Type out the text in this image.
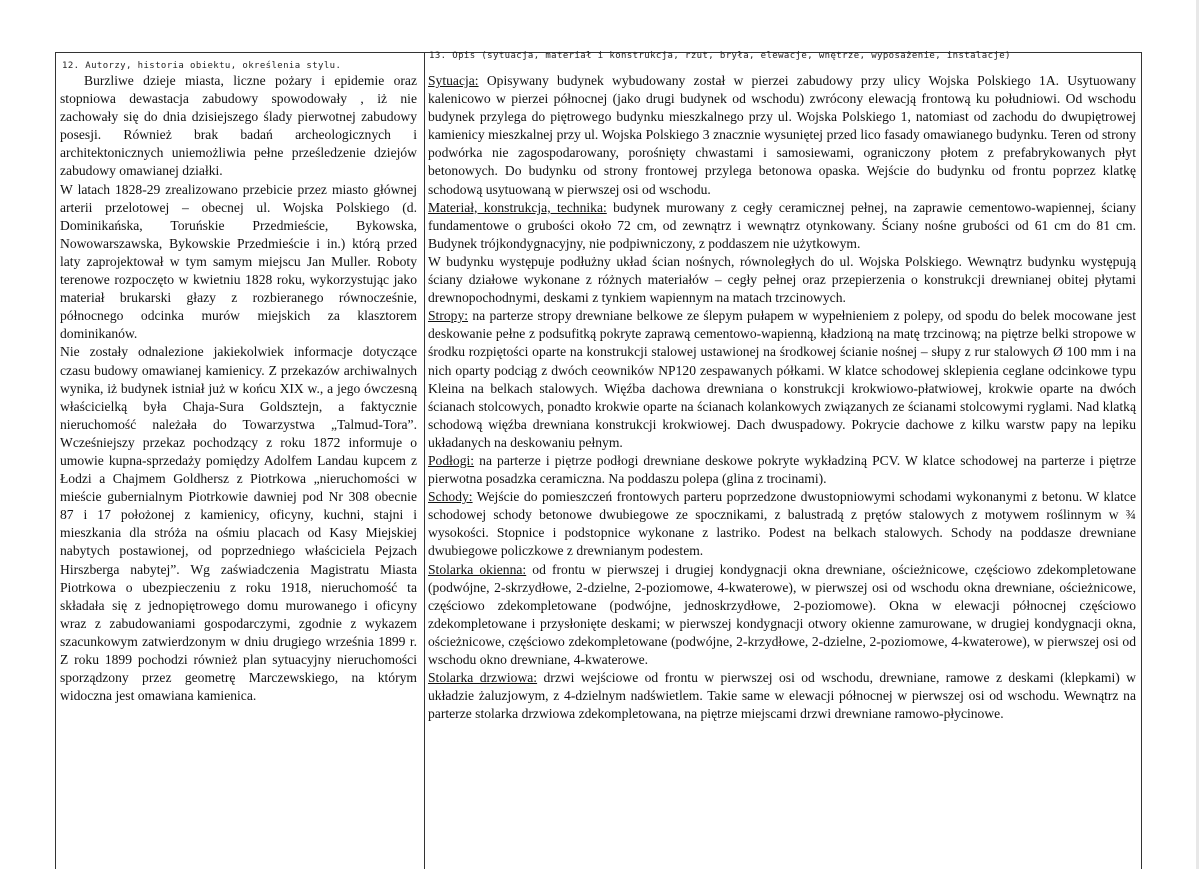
12. Autorzy, historia obiektu, określenia stylu.
13. Opis (sytuacja, materiał i konstrukcja, rzut, bryła, elewacje, wnętrze, wyposażenie, instalacje)

Burzliwe dzieje miasta, liczne pożary i epidemie oraz stopniowa dewastacja zabudowy spowodowały , iż nie zachowały się do dnia dzisiejszego ślady pierwotnej zabudowy posesji. Również brak badań archeologicznych i architektonicznych uniemożliwia pełne prześledzenie dziejów zabudowy omawianej działki.

W latach 1828-29 zrealizowano przebicie przez miasto głównej arterii przelotowej – obecnej ul. Wojska Polskiego (d. Dominikańska, Toruńskie Przedmieście, Bykowska, Nowowarszawska, Bykowskie Przedmieście i in.) którą przed laty zaprojektował w tym samym miejscu Jan Muller. Roboty terenowe rozpoczęto w kwietniu 1828 roku, wykorzystując jako materiał brukarski głazy z rozbieranego równocześnie, północnego odcinka murów miejskich za klasztorem dominikanów.

Nie zostały odnalezione jakiekolwiek informacje dotyczące czasu budowy omawianej kamienicy. Z przekazów archiwalnych wynika, iż budynek istniał już w końcu XIX w., a jego ówczesną właścicielką była Chaja-Sura Goldsztejn, a faktycznie nieruchomość należała do Towarzystwa „Talmud-Tora”. Wcześniejszy przekaz pochodzący z roku 1872 informuje o umowie kupna-sprzedaży pomiędzy Adolfem Landau kupcem z Łodzi a Chajmem Goldhersz z Piotrkowa „nieruchomości w mieście gubernialnym Piotrkowie dawniej pod Nr 308 obecnie 87 i 17 położonej z kamienicy, oficyny, kuchni, stajni i mieszkania dla stróża na ośmiu placach od Kasy Miejskiej nabytych postawionej, od poprzedniego właściciela Pejzach Hirszberga nabytej”. Wg zaświadczenia Magistratu Miasta Piotrkowa o ubezpieczeniu z roku 1918, nieruchomość ta składała się z jednopiętrowego domu murowanego i oficyny wraz z zabudowaniami gospodarczymi, zgodnie z wykazem szacunkowym zatwierdzonym w dniu drugiego września 1899 r. Z roku 1899 pochodzi również plan sytuacyjny nieruchomości sporządzony przez geometrę Marczewskiego, na którym widoczna jest omawiana kamienica.

Sytuacja: Opisywany budynek wybudowany został w pierzei zabudowy przy ulicy Wojska Polskiego 1A. Usytuowany kalenicowo w pierzei północnej (jako drugi budynek od wschodu) zwrócony elewacją frontową ku południowi. Od wschodu budynek przylega do piętrowego budynku mieszkalnego przy ul. Wojska Polskiego 1, natomiast od zachodu do dwupiętrowej kamienicy mieszkalnej przy ul. Wojska Polskiego 3 znacznie wysuniętej przed lico fasady omawianego budynku. Teren od strony podwórka nie zagospodarowany, porośnięty chwastami i samosiewami, ograniczony płotem z prefabrykowanych płyt betonowych. Do budynku od strony frontowej przylega betonowa opaska. Wejście do budynku od frontu poprzez klatkę schodową usytuowaną w pierwszej osi od wschodu.

Materiał, konstrukcja, technika: budynek murowany z cegły ceramicznej pełnej, na zaprawie cementowo-wapiennej, ściany fundamentowe o grubości około 72 cm, od zewnątrz i wewnątrz otynkowany. Ściany nośne grubości od 61 cm do 81 cm. Budynek trójkondygnacyjny, nie podpiwniczony, z poddaszem nie użytkowym.

W budynku występuje podłużny układ ścian nośnych, równoległych do ul. Wojska Polskiego. Wewnątrz budynku występują ściany działowe wykonane z różnych materiałów – cegły pełnej oraz przepierzenia o konstrukcji drewnianej obitej płytami drewnopochodnymi, deskami z tynkiem wapiennym na matach trzcinowych.

Stropy: na parterze stropy drewniane belkowe ze ślepym pułapem w wypełnieniem z polepy, od spodu do belek mocowane jest deskowanie pełne z podsufitką pokryte zaprawą cementowo-wapienną, kładzioną na matę trzcinową; na piętrze belki stropowe w środku rozpiętości oparte na konstrukcji stalowej ustawionej na środkowej ścianie nośnej – słupy z rur stalowych Ø 100 mm i na nich oparty podciąg z dwóch ceowników NP120 zespawanych półkami. W klatce schodowej sklepienia ceglane odcinkowe typu Kleina na belkach stalowych. Więźba dachowa drewniana o konstrukcji krokwiowo-płatwiowej, krokwie oparte na dwóch ścianach stolcowych, ponadto krokwie oparte na ścianach kolankowych związanych ze ścianami stolcowymi ryglami. Nad klatką schodową więźba drewniana konstrukcji krokwiowej. Dach dwuspadowy. Pokrycie dachowe z kilku warstw papy na lepiku układanych na deskowaniu pełnym.

Podłogi: na parterze i piętrze podłogi drewniane deskowe pokryte wykładziną PCV. W klatce schodowej na parterze i piętrze pierwotna posadzka ceramiczna. Na poddaszu polepa (glina z trocinami).

Schody: Wejście do pomieszczeń frontowych parteru poprzedzone dwustopniowymi schodami wykonanymi z betonu. W klatce schodowej schody betonowe dwubiegowe ze spocznikami, z balustradą z prętów stalowych z motywem roślinnym w ¾ wysokości. Stopnice i podstopnice wykonane z lastriko. Podest na belkach stalowych. Schody na poddasze drewniane dwubiegowe policzkowe z drewnianym podestem.

Stolarka okienna: od frontu w pierwszej i drugiej kondygnacji okna drewniane, ościeżnicowe, częściowo zdekompletowane (podwójne, 2-skrzydłowe, 2-dzielne, 2-poziomowe, 4-kwaterowe), w pierwszej osi od wschodu okna drewniane, ościeżnicowe, częściowo zdekompletowane (podwójne, jednoskrzydłowe, 2-poziomowe). Okna w elewacji północnej częściowo zdekompletowane i przysłonięte deskami; w pierwszej kondygnacji otwory okienne zamurowane, w drugiej kondygnacji okna, ościeżnicowe, częściowo zdekompletowane (podwójne, 2-krzydłowe, 2-dzielne, 2-poziomowe, 4-kwaterowe), w pierwszej osi od wschodu okno drewniane, 4-kwaterowe.

Stolarka drzwiowa: drzwi wejściowe od frontu w pierwszej osi od wschodu, drewniane, ramowe z deskami (klepkami) w układzie żaluzjowym, z 4-dzielnym nadświetlem. Takie same w elewacji północnej w pierwszej osi od wschodu. Wewnątrz na parterze stolarka drzwiowa zdekompletowana, na piętrze miejscami drzwi drewniane ramowo-płycinowe.
